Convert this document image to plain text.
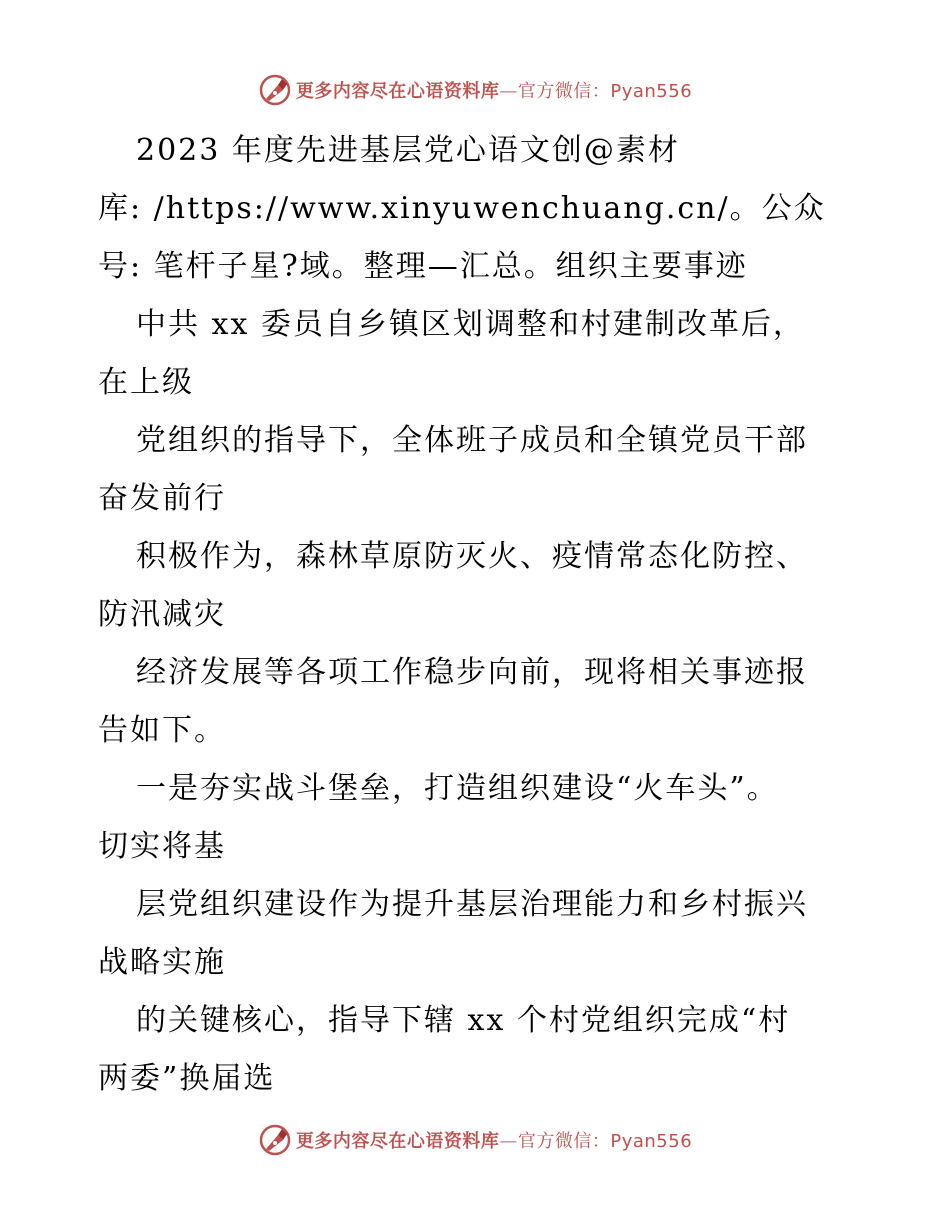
更多内容尽在心语资料库—官方微信：Pyan556
2023 年度先进基层党心语文创@素材
库: /https://www.xinyuwenchuang.cn/。公众
号: 笔杆子星?域。整理—汇总。组织主要事迹
中共 xx 委员自乡镇区划调整和村建制改革后，
在上级
党组织的指导下，全体班子成员和全镇党员干部
奋发前行
积极作为，森林草原防灭火、疫情常态化防控、
防汛减灾
经济发展等各项工作稳步向前，现将相关事迹报
告如下。
一是夯实战斗堡垒，打造组织建设“火车头”。
切实将基
层党组织建设作为提升基层治理能力和乡村振兴
战略实施
的关键核心，指导下辖 xx 个村党组织完成“村
两委”换届选
更多内容尽在心语资料库—官方微信：Pyan556
